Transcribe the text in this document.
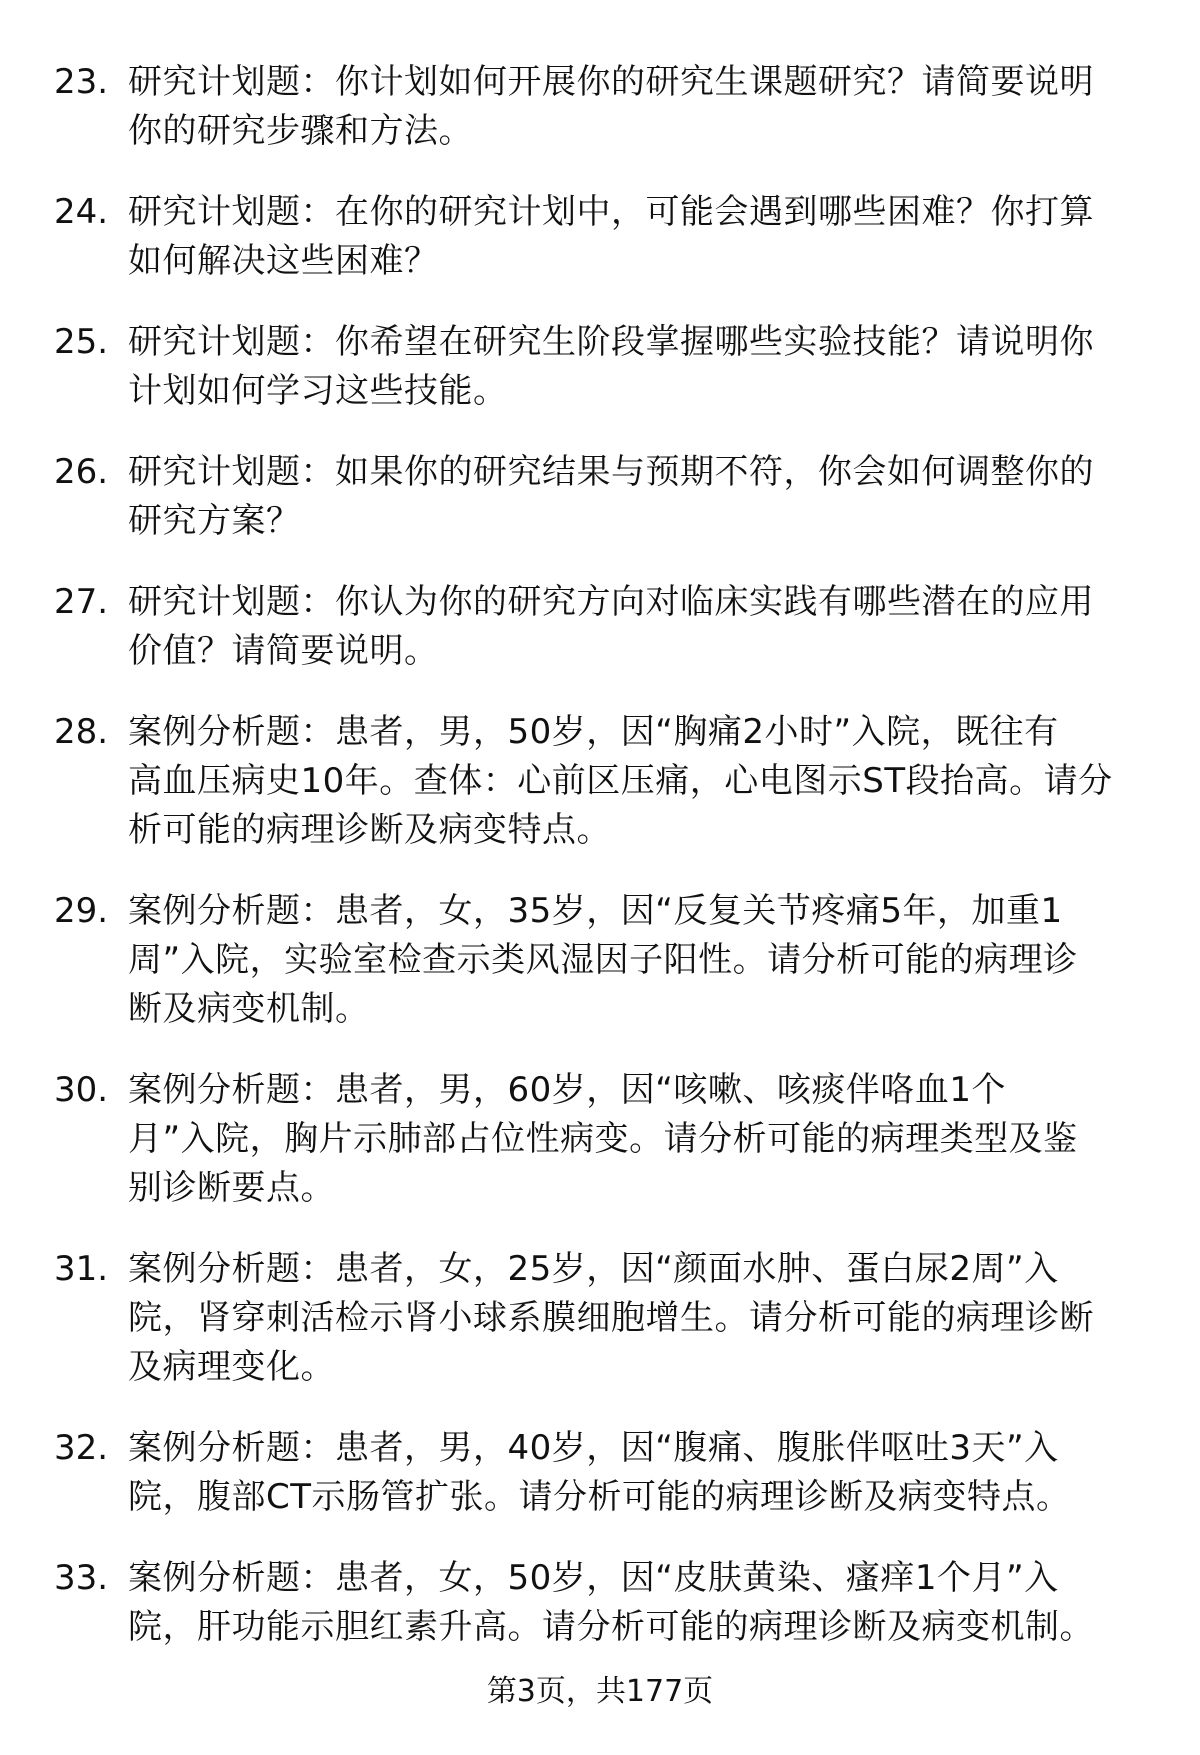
23. 研究计划题：你计划如何开展你的研究生课题研究？请简要说明
你的研究步骤和方法。
24. 研究计划题：在你的研究计划中，可能会遇到哪些困难？你打算
如何解决这些困难？
25. 研究计划题：你希望在研究生阶段掌握哪些实验技能？请说明你
计划如何学习这些技能。
26. 研究计划题：如果你的研究结果与预期不符，你会如何调整你的
研究方案？
27. 研究计划题：你认为你的研究方向对临床实践有哪些潜在的应用
价值？请简要说明。
28. 案例分析题：患者，男，50岁，因“胸痛2小时”入院，既往有
高血压病史10年。查体：心前区压痛，心电图示ST段抬高。请分
析可能的病理诊断及病变特点。
29. 案例分析题：患者，女，35岁，因“反复关节疼痛5年，加重1
周”入院，实验室检查示类风湿因子阳性。请分析可能的病理诊
断及病变机制。
30. 案例分析题：患者，男，60岁，因“咳嗽、咳痰伴咯血1个
月”入院，胸片示肺部占位性病变。请分析可能的病理类型及鉴
别诊断要点。
31. 案例分析题：患者，女，25岁，因“颜面水肿、蛋白尿2周”入
院，肾穿刺活检示肾小球系膜细胞增生。请分析可能的病理诊断
及病理变化。
32. 案例分析题：患者，男，40岁，因“腹痛、腹胀伴呕吐3天”入
院，腹部CT示肠管扩张。请分析可能的病理诊断及病变特点。
33. 案例分析题：患者，女，50岁，因“皮肤黄染、瘙痒1个月”入
院，肝功能示胆红素升高。请分析可能的病理诊断及病变机制。
第3页，共177页
